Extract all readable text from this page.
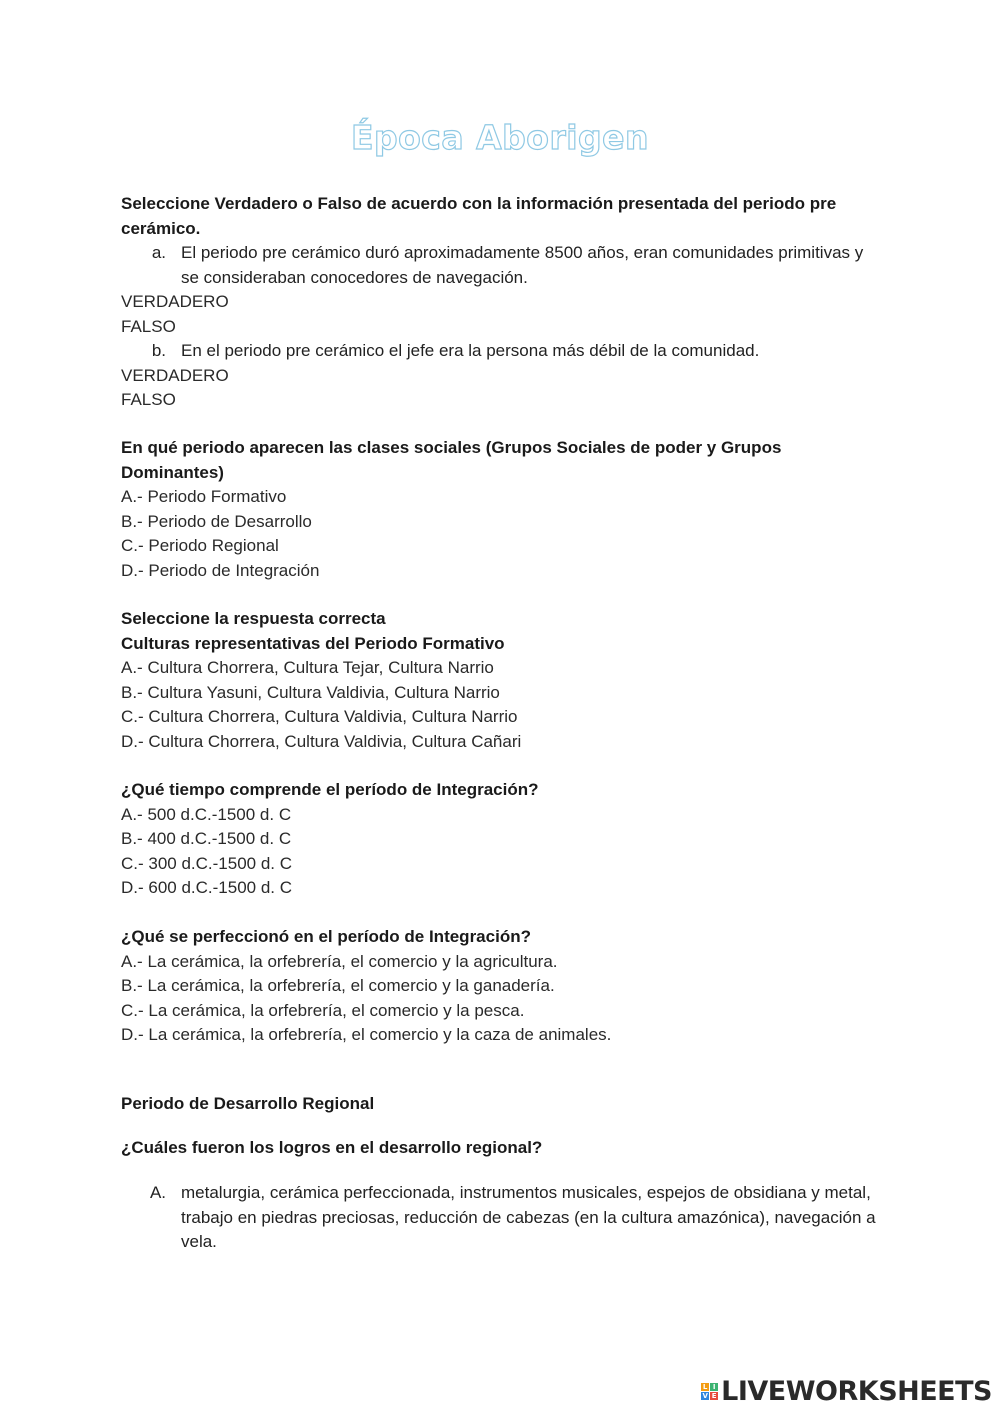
Época Aborigen
Seleccione Verdadero o Falso de acuerdo con la información presentada del periodo pre cerámico.
a. El periodo pre cerámico duró aproximadamente 8500 años, eran comunidades primitivas y se consideraban conocedores de navegación.
VERDADERO
FALSO
b. En el periodo pre cerámico el jefe era la persona más débil de la comunidad.
VERDADERO
FALSO
En qué periodo aparecen las clases sociales (Grupos Sociales de poder y Grupos Dominantes)
A.- Periodo Formativo
B.- Periodo de Desarrollo
C.- Periodo Regional
D.- Periodo de Integración
Seleccione la respuesta correcta
Culturas representativas del Periodo Formativo
A.- Cultura Chorrera, Cultura Tejar, Cultura Narrio
B.- Cultura Yasuni, Cultura Valdivia, Cultura Narrio
C.- Cultura Chorrera, Cultura Valdivia, Cultura Narrio
D.- Cultura Chorrera, Cultura Valdivia, Cultura Cañari
¿Qué tiempo comprende el período de Integración?
A.- 500 d.C.-1500 d. C
B.- 400 d.C.-1500 d. C
C.- 300 d.C.-1500 d. C
D.- 600 d.C.-1500 d. C
¿Qué se perfeccionó en el período de Integración?
A.- La cerámica, la orfebrería, el comercio y la agricultura.
B.- La cerámica, la orfebrería, el comercio y la ganadería.
C.- La cerámica, la orfebrería, el comercio y la pesca.
D.- La cerámica, la orfebrería, el comercio y la caza de animales.
Periodo de Desarrollo Regional
¿Cuáles fueron los logros en el desarrollo regional?
A. metalurgia, cerámica perfeccionada, instrumentos musicales, espejos de obsidiana y metal, trabajo en piedras preciosas, reducción de cabezas (en la cultura amazónica), navegación a vela.
L I
V E LIVEWORKSHEETS
